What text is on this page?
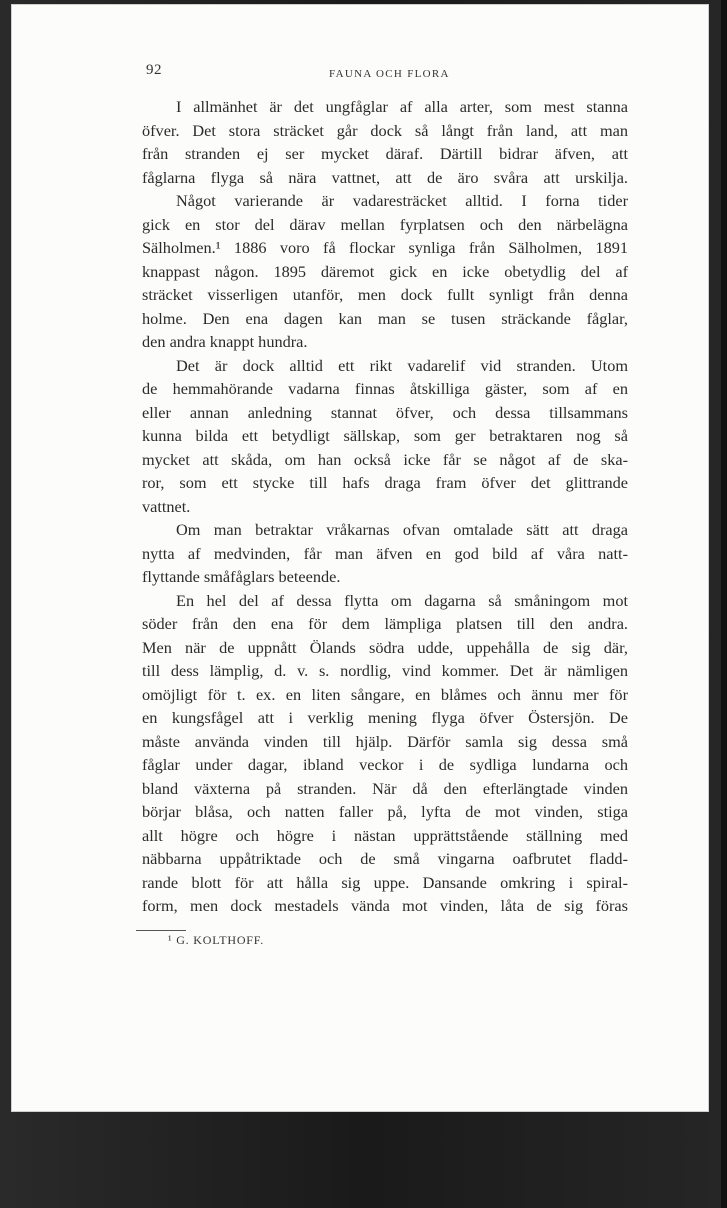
92	FAUNA OCH FLORA
I allmänhet är det ungfåglar af alla arter, som mest stanna
öfver. Det stora sträcket går dock så långt från land, att man
från stranden ej ser mycket däraf. Därtill bidrar äfven, att
fåglarna flyga så nära vattnet, att de äro svåra att urskilja.
Något varierande är vadaresträcket alltid. I forna tider
gick en stor del därav mellan fyrplatsen och den närbelägna
Sälholmen.¹ 1886 voro få flockar synliga från Sälholmen, 1891
knappast någon. 1895 däremot gick en icke obetydlig del af
sträcket visserligen utanför, men dock fullt synligt från denna
holme. Den ena dagen kan man se tusen sträckande fåglar,
den andra knappt hundra.
Det är dock alltid ett rikt vadarelif vid stranden. Utom
de hemmahörande vadarna finnas åtskilliga gäster, som af en
eller annan anledning stannat öfver, och dessa tillsammans
kunna bilda ett betydligt sällskap, som ger betraktaren nog så
mycket att skåda, om han också icke får se något af de ska-
ror, som ett stycke till hafs draga fram öfver det glittrande
vattnet.
Om man betraktar vråkarnas ofvan omtalade sätt att draga
nytta af medvinden, får man äfven en god bild af våra natt-
flyttande småfåglars beteende.
En hel del af dessa flytta om dagarna så småningom mot
söder från den ena för dem lämpliga platsen till den andra.
Men när de uppnått Ölands södra udde, uppehålla de sig där,
till dess lämplig, d. v. s. nordlig, vind kommer. Det är nämligen
omöjligt för t. ex. en liten sångare, en blåmes och ännu mer för
en kungsfågel att i verklig mening flyga öfver Östersjön. De
måste använda vinden till hjälp. Därför samla sig dessa små
fåglar under dagar, ibland veckor i de sydliga lundarna och
bland växterna på stranden. När då den efterlängtade vinden
börjar blåsa, och natten faller på, lyfta de mot vinden, stiga
allt högre och högre i nästan upprättstående ställning med
näbbarna uppåtriktade och de små vingarna oafbrutet fladd-
rande blott för att hålla sig uppe. Dansande omkring i spiral-
form, men dock mestadels vända mot vinden, låta de sig föras
¹ G. KOLTHOFF.
